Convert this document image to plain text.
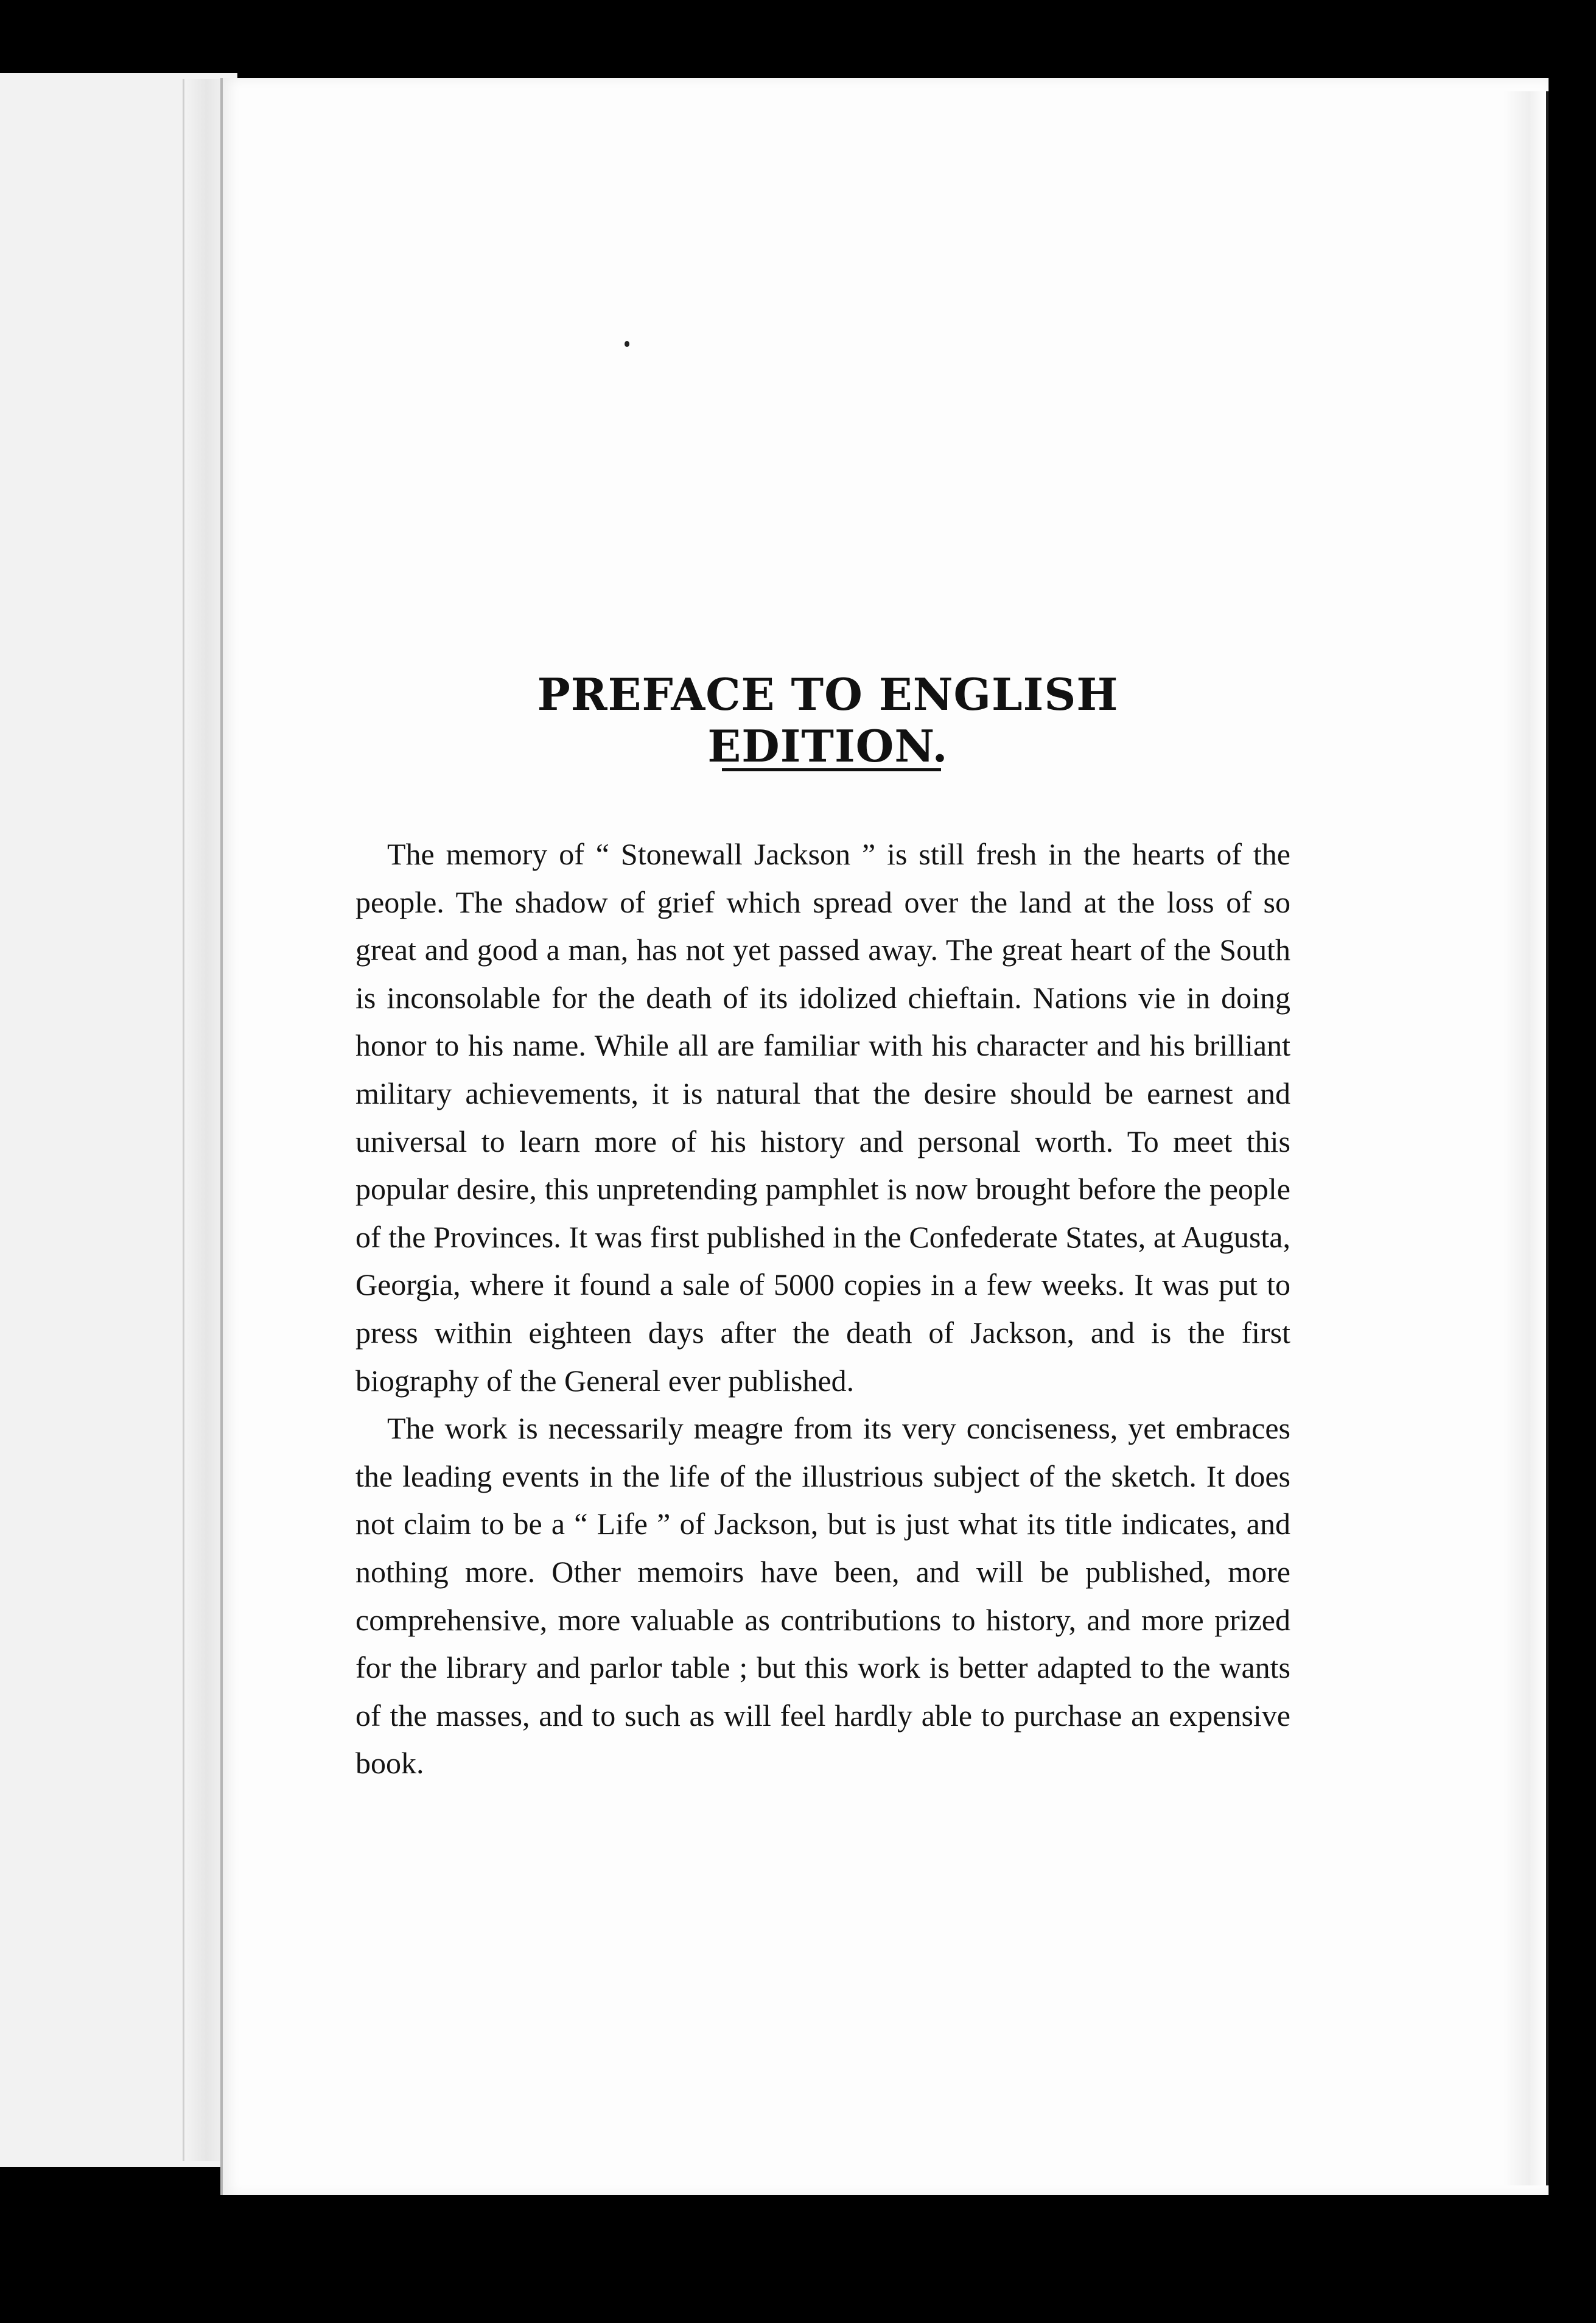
PREFACE TO ENGLISH EDITION.

The memory of “ Stonewall Jackson ” is still fresh in the hearts of the people. The shadow of grief which spread over the land at the loss of so great and good a man, has not yet passed away. The great heart of the South is inconsolable for the death of its idolized chieftain. Nations vie in doing honor to his name. While all are familiar with his character and his brilliant military achievements, it is natural that the desire should be earnest and universal to learn more of his history and personal worth. To meet this popular desire, this unpretending pamphlet is now brought before the people of the Provinces. It was first published in the Confederate States, at Augusta, Georgia, where it found a sale of 5000 copies in a few weeks. It was put to press within eighteen days after the death of Jackson, and is the first biography of the General ever published.

The work is necessarily meagre from its very conciseness, yet embraces the leading events in the life of the illustrious subject of the sketch. It does not claim to be a “ Life ” of Jackson, but is just what its title indicates, and nothing more. Other memoirs have been, and will be published, more comprehensive, more valuable as contributions to history, and more prized for the library and parlor table ; but this work is better adapted to the wants of the masses, and to such as will feel hardly able to purchase an expensive book.
